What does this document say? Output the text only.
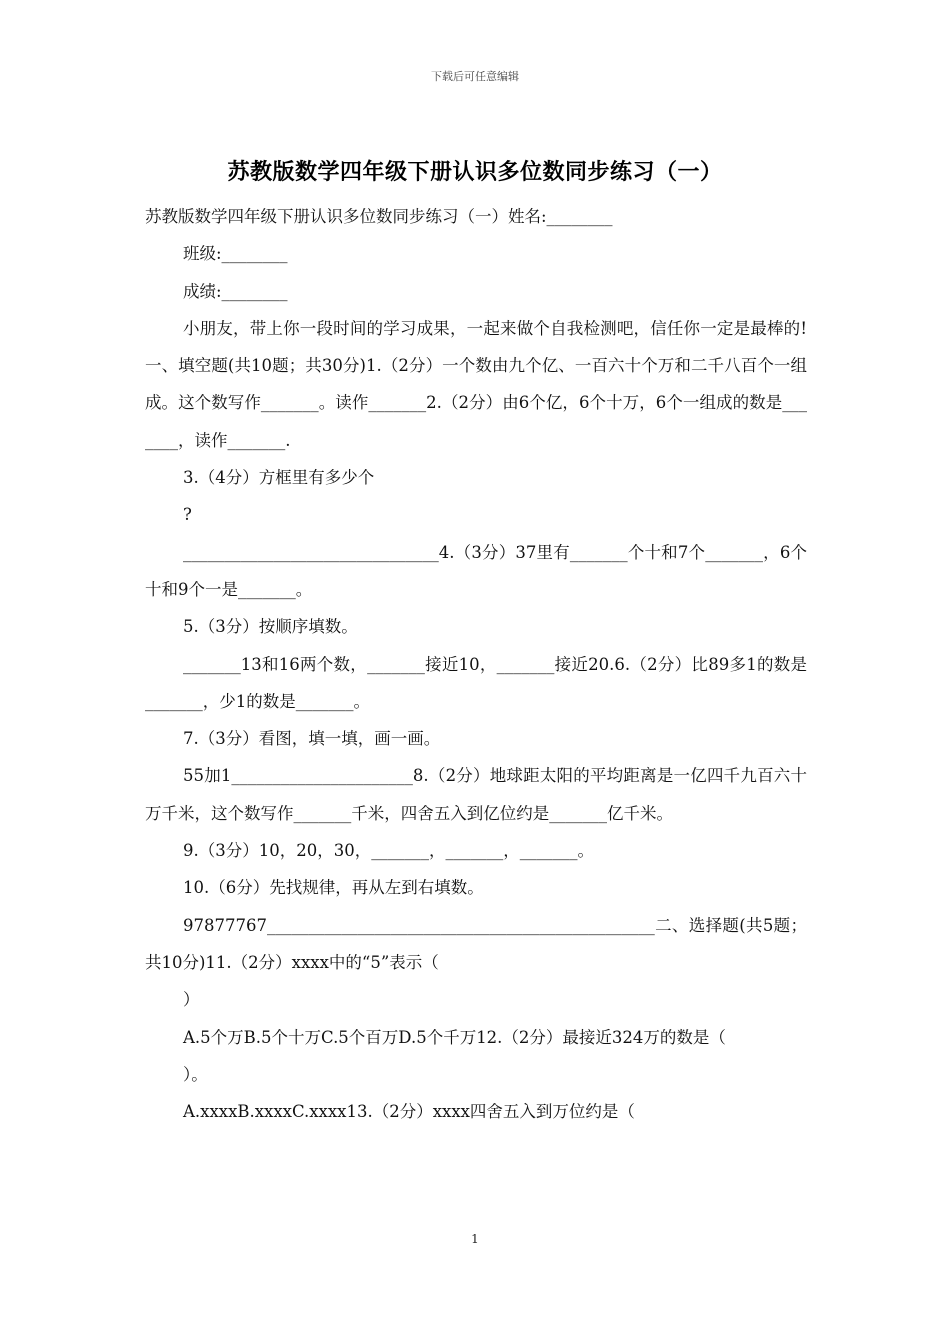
下载后可任意编辑
苏教版数学四年级下册认识多位数同步练习（一）

苏教版数学四年级下册认识多位数同步练习（一）姓名:________

班级:________

成绩:________

小朋友，带上你一段时间的学习成果，一起来做个自我检测吧，信任你一定是最棒的!一、填空题(共10题；共30分)1.（2分）一个数由九个亿、一百六十个万和二千八百个一组成。这个数写作_______。读作_______2.（2分）由6个亿，6个十万，6个一组成的数是_______，读作_______.

3.（4分）方框里有多少个

?

_______________________________4.（3分）37里有_______个十和7个_______，6个十和9个一是_______。

5.（3分）按顺序填数。

_______13和16两个数，_______接近10，_______接近20.6.（2分）比89多1的数是_______，少1的数是_______。

7.（3分）看图，填一填，画一画。

55加1______________________8.（2分）地球距太阳的平均距离是一亿四千九百六十万千米，这个数写作_______千米，四舍五入到亿位约是_______亿千米。

9.（3分）10，20，30，_______，_______，_______。

10.（6分）先找规律，再从左到右填数。

97877767_______________________________________________二、选择题(共5题；共10分)11.（2分）xxxx中的“5”表示（

）

A.5个万B.5个十万C.5个百万D.5个千万12.（2分）最接近324万的数是（

）。

A.xxxxB.xxxxC.xxxx13.（2分）xxxx四舍五入到万位约是（

1
